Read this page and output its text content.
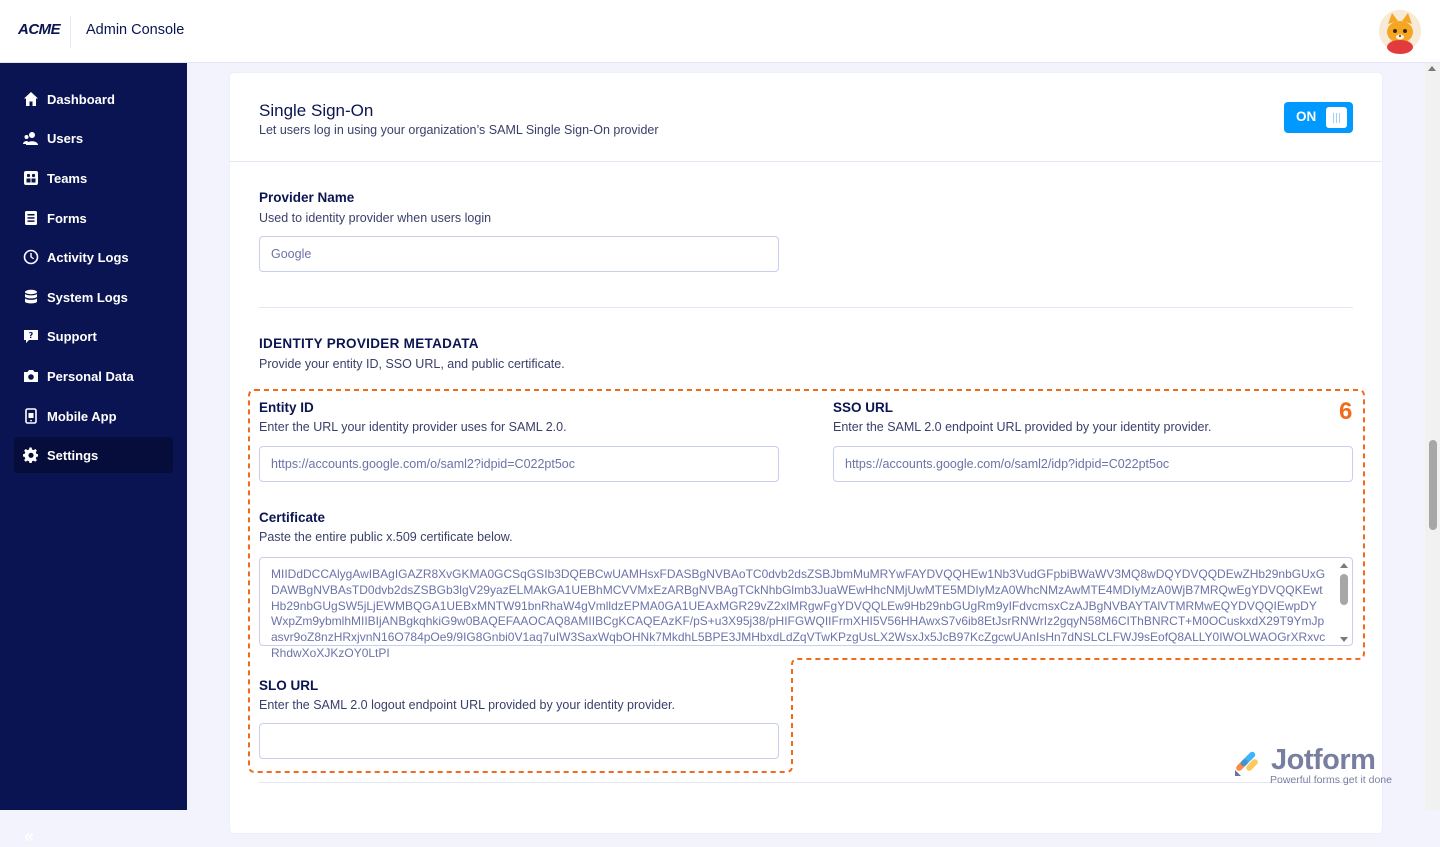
ACME Admin Console
Dashboard
Users
Teams
Forms
Activity Logs
System Logs
? Support
Personal Data
Mobile App
Settings
«
Single Sign-On
Let users log in using your organization’s SAML Single Sign-On provider
ON
Provider Name
Used to identity provider when users login
Google
IDENTITY PROVIDER METADATA
Provide your entity ID, SSO URL, and public certificate.
Entity ID
Enter the URL your identity provider uses for SAML 2.0.
https://accounts.google.com/o/saml2?idpid=C022pt5oc
SSO URL
Enter the SAML 2.0 endpoint URL provided by your identity provider.
https://accounts.google.com/o/saml2/idp?idpid=C022pt5oc
Certificate
Paste the entire public x.509 certificate below.
MIIDdDCCAlygAwIBAgIGAZR8XvGKMA0GCSqGSIb3DQEBCwUAMHsxFDASBgNVBAoTC0dvb2dsZSBJbmMuMRYwFAYDVQQHEw1Nb3VudGFpbiBWaWV3MQ8wDQYDVQQDEwZHb29nbGUxGDAWBgNVBAsTD0dvb2dsZSBGb3lgV29yazELMAkGA1UEBhMCVVMxEzARBgNVBAgTCkNhbGlmb3JuaWEwHhcNMjUwMTE5MDIyMzA0WhcNMzAwMTE4MDIyMzA0WjB7MRQwEgYDVQQKEwtHb29nbGUgSW5jLjEWMBQGA1UEBxMNTW91bnRhaW4gVmlldzEPMA0GA1UEAxMGR29vZ2xlMRgwFgYDVQQLEw9Hb29nbGUgRm9yIFdvcmsxCzAJBgNVBAYTAlVTMRMwEQYDVQQIEwpDYWxpZm9ybmlhMIIBIjANBgkqhkiG9w0BAQEFAAOCAQ8AMIIBCgKCAQEAzKF/pS+u3X95j38/pHIFGWQIIFrmXHI5V56HHAwxS7v6ib8EtJsrRNWrIz2gqyN58M6CIThBNRCT+M0OCuskxdX29T9YmJpasvr9oZ8nzHRxjvnN16O784pOe9/9IG8Gnbi0V1aq7uIW3SaxWqbOHNk7MkdhL5BPE3JMHbxdLdZqVTwKPzgUsLX2WsxJx5JcB97KcZgcwUAnIsHn7dNSLCLFWJ9sEofQ8ALLY0IWOLWAOGrXRxvcRhdwXoXJKzOY0LtPI
SLO URL
Enter the SAML 2.0 logout endpoint URL provided by your identity provider.
6
Jotform
Powerful forms get it done
